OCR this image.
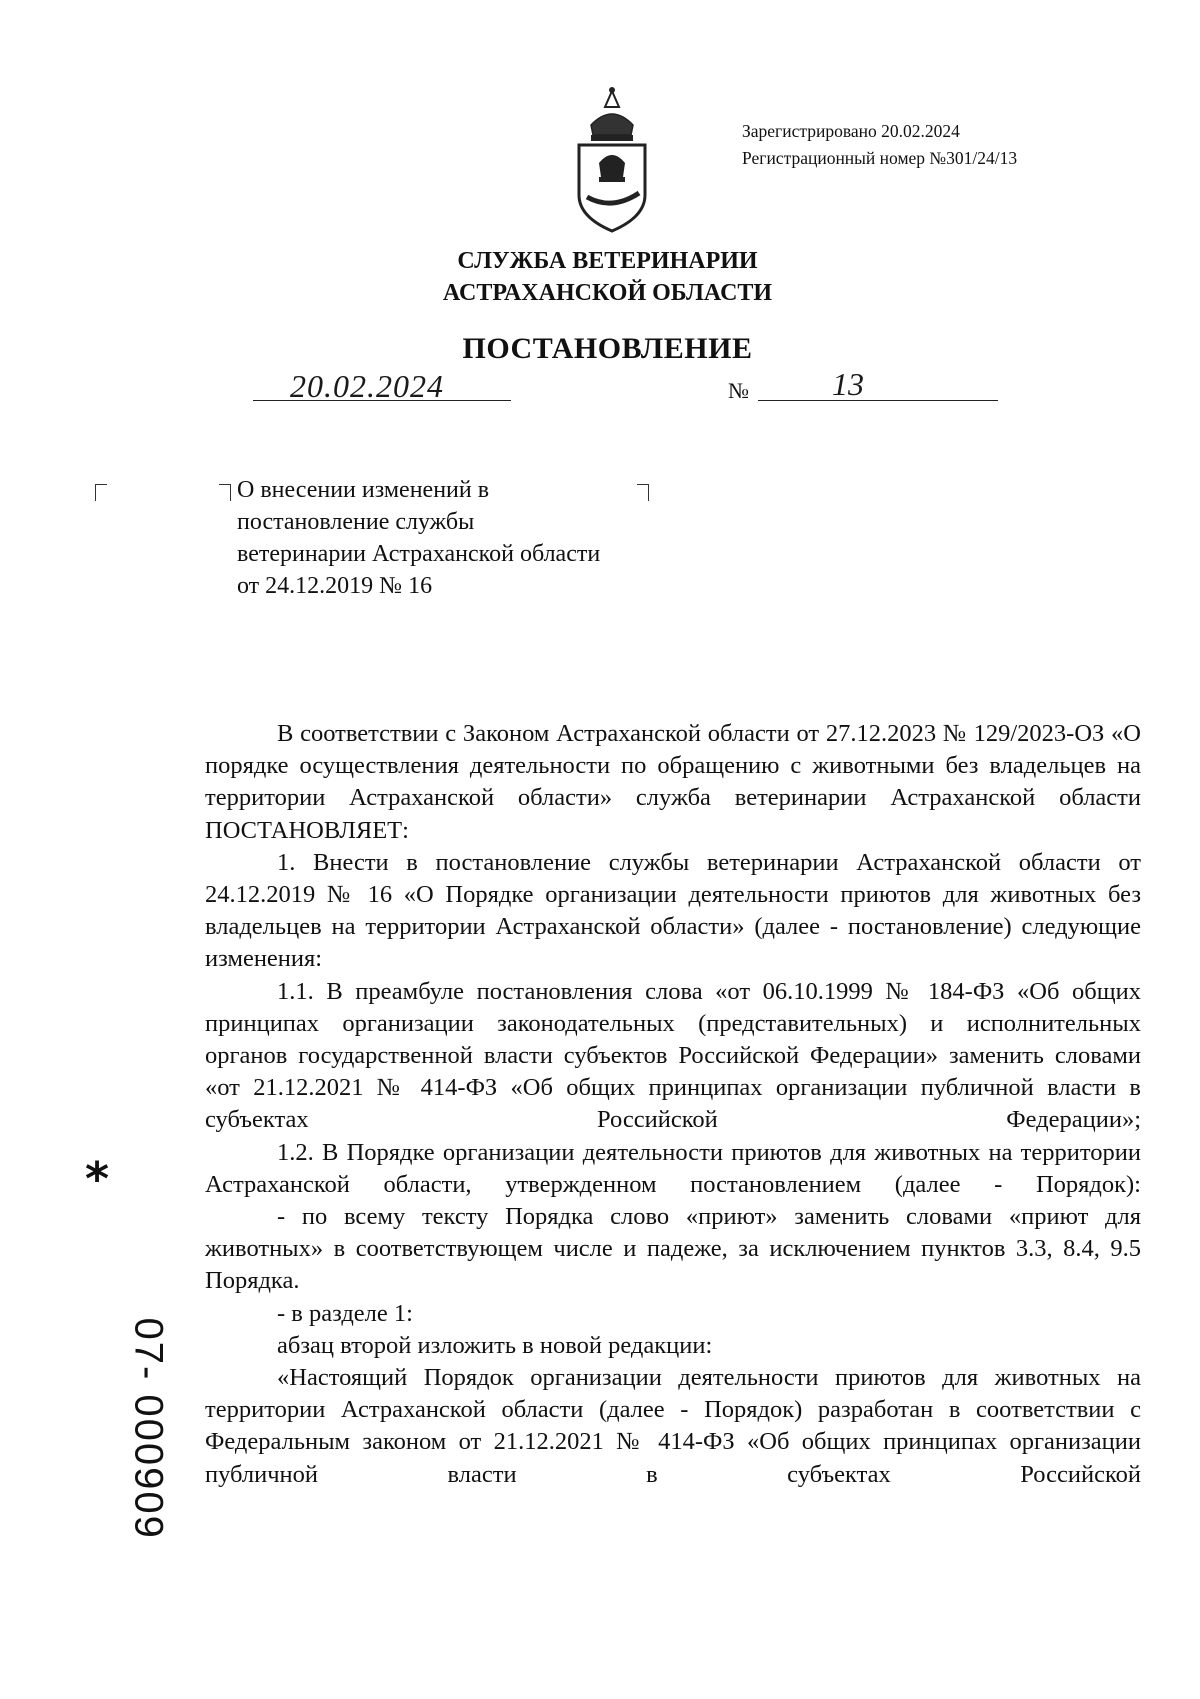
Зарегистрировано 20.02.2024
Регистрационный номер №301/24/13
СЛУЖБА ВЕТЕРИНАРИИ
АСТРАХАНСКОЙ ОБЛАСТИ
ПОСТАНОВЛЕНИЕ
20.02.2024	№	13
О внесении изменений в
постановление службы
ветеринарии Астраханской области
от 24.12.2019 № 16

В соответствии с Законом Астраханской области от 27.12.2023 № 129/2023-ОЗ «О порядке осуществления деятельности по обращению с животными без владельцев на территории Астраханской области» служба ветеринарии Астраханской области ПОСТАНОВЛЯЕТ:

1. Внести в постановление службы ветеринарии Астраханской области от 24.12.2019 № 16 «О Порядке организации деятельности приютов для животных без владельцев на территории Астраханской области» (далее - постановление) следующие изменения:

1.1. В преамбуле постановления слова «от 06.10.1999 № 184-ФЗ «Об общих принципах организации законодательных (представительных) и исполнительных органов государственной власти субъектов Российской Федерации» заменить словами «от 21.12.2021 № 414-ФЗ «Об общих принципах организации публичной власти в субъектах Российской Федерации»;

1.2. В Порядке организации деятельности приютов для животных на территории Астраханской области, утвержденном постановлением (далее - Порядок):

- по всему тексту Порядка слово «приют» заменить словами «приют для животных» в соответствующем числе и падеже, за исключением пунктов 3.3, 8.4, 9.5 Порядка.

- в разделе 1:

абзац второй изложить в новой редакции:

«Настоящий Порядок организации деятельности приютов для животных на территории Астраханской области (далее - Порядок) разработан в соответствии с Федеральным законом от 21.12.2021 № 414-ФЗ «Об общих принципах организации публичной власти в субъектах Российской

*
07- 000909
